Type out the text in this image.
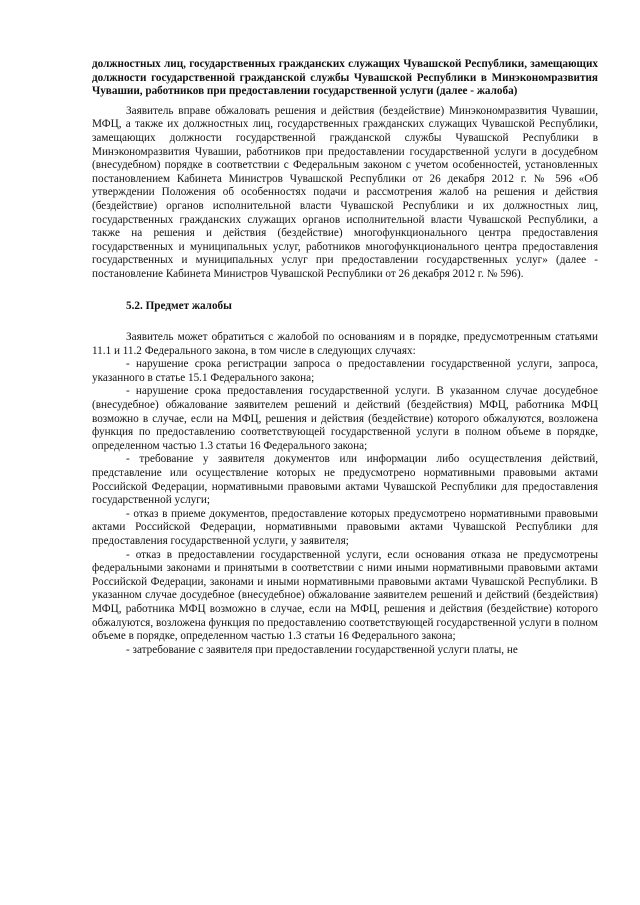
должностных лиц, государственных гражданских служащих Чувашской Республики, замещающих должности государственной гражданской службы Чувашской Республики в Минэкономразвития Чувашии, работников при предоставлении государственной услуги (далее - жалоба)

Заявитель вправе обжаловать решения и действия (бездействие) Минэкономразвития Чувашии, МФЦ, а также их должностных лиц, государственных гражданских служащих Чувашской Республики, замещающих должности государственной гражданской службы Чувашской Республики в Минэкономразвития Чувашии, работников при предоставлении государственной услуги в досудебном (внесудебном) порядке в соответствии с Федеральным законом с учетом особенностей, установленных постановлением Кабинета Министров Чувашской Республики от 26 декабря 2012 г. № 596 «Об утверждении Положения об особенностях подачи и рассмотрения жалоб на решения и действия (бездействие) органов исполнительной власти Чувашской Республики и их должностных лиц, государственных гражданских служащих органов исполнительной власти Чувашской Республики, а также на решения и действия (бездействие) многофункционального центра предоставления государственных и муниципальных услуг, работников многофункционального центра предоставления государственных и муниципальных услуг при предоставлении государственных услуг» (далее - постановление Кабинета Министров Чувашской Республики от 26 декабря 2012 г. № 596).

5.2. Предмет жалобы

Заявитель может обратиться с жалобой по основаниям и в порядке, предусмотренным статьями 11.1 и 11.2 Федерального закона, в том числе в следующих случаях:

- нарушение срока регистрации запроса о предоставлении государственной услуги, запроса, указанного в статье 15.1 Федерального закона;

- нарушение срока предоставления государственной услуги. В указанном случае досудебное (внесудебное) обжалование заявителем решений и действий (бездействия) МФЦ, работника МФЦ возможно в случае, если на МФЦ, решения и действия (бездействие) которого обжалуются, возложена функция по предоставлению соответствующей государственной услуги в полном объеме в порядке, определенном частью 1.3 статьи 16 Федерального закона;

- требование у заявителя документов или информации либо осуществления действий, представление или осуществление которых не предусмотрено нормативными правовыми актами Российской Федерации, нормативными правовыми актами Чувашской Республики для предоставления государственной услуги;

- отказ в приеме документов, предоставление которых предусмотрено нормативными правовыми актами Российской Федерации, нормативными правовыми актами Чувашской Республики для предоставления государственной услуги, у заявителя;

- отказ в предоставлении государственной услуги, если основания отказа не предусмотрены федеральными законами и принятыми в соответствии с ними иными нормативными правовыми актами Российской Федерации, законами и иными нормативными правовыми актами Чувашской Республики. В указанном случае досудебное (внесудебное) обжалование заявителем решений и действий (бездействия) МФЦ, работника МФЦ возможно в случае, если на МФЦ, решения и действия (бездействие) которого обжалуются, возложена функция по предоставлению соответствующей государственной услуги в полном объеме в порядке, определенном частью 1.3 статьи 16 Федерального закона;

- затребование с заявителя при предоставлении государственной услуги платы, не
